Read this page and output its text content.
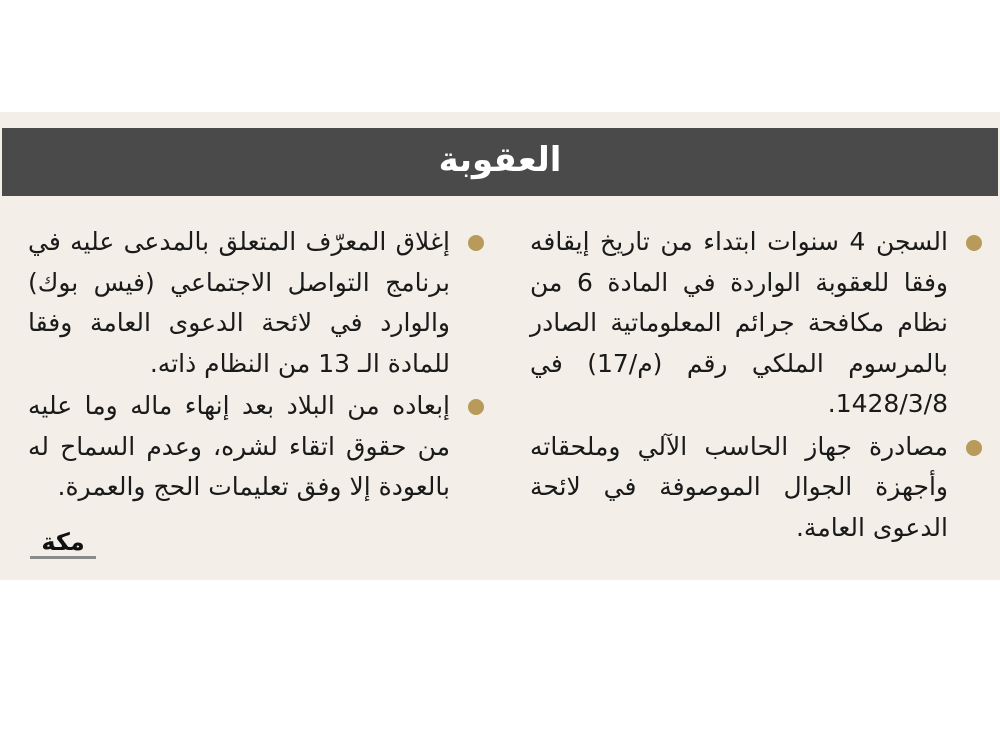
العقوبة
السجن 4 سنوات ابتداء من تاريخ إيقافه وفقا للعقوبة الواردة في المادة 6 من نظام مكافحة جرائم المعلوماتية الصادر بالمرسوم الملكي رقم (م/17) في 1428/3/8.
مصادرة جهاز الحاسب الآلي وملحقاته وأجهزة الجوال الموصوفة في لائحة الدعوى العامة.
إغلاق المعرّف المتعلق بالمدعى عليه في برنامج التواصل الاجتماعي (فيس بوك) والوارد في لائحة الدعوى العامة وفقا للمادة الـ 13 من النظام ذاته.
إبعاده من البلاد بعد إنهاء ماله وما عليه من حقوق اتقاء لشره، وعدم السماح له بالعودة إلا وفق تعليمات الحج والعمرة.
مكة
